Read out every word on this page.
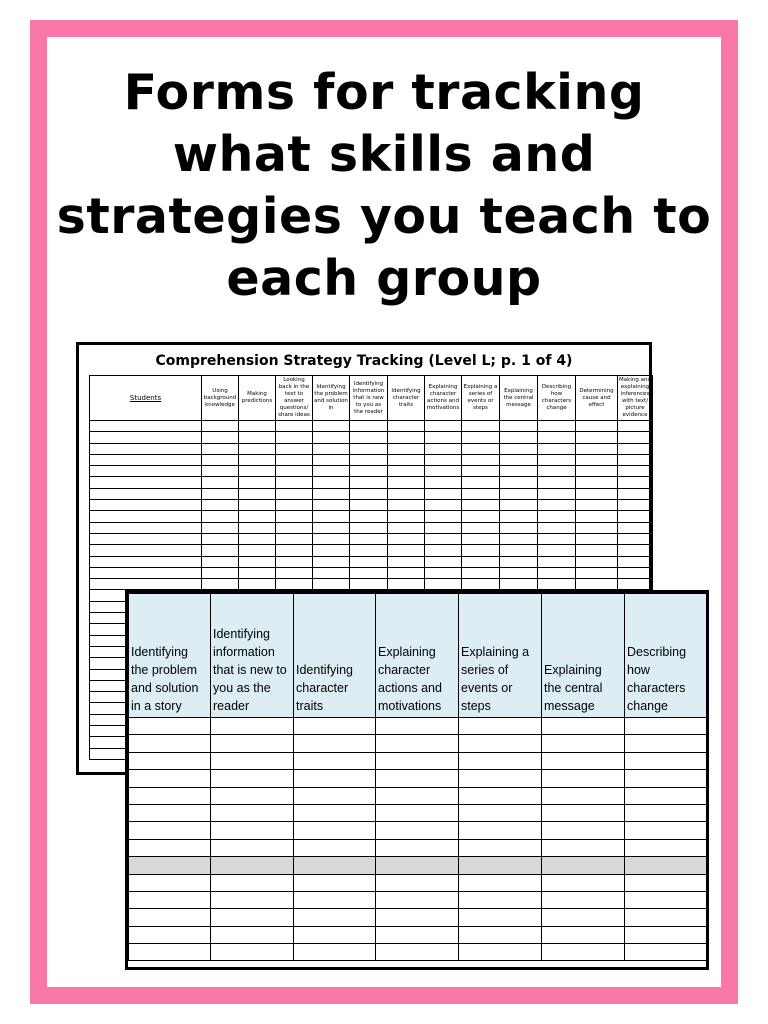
Forms for tracking
what skills and
strategies you teach to
each group
Comprehension Strategy Tracking (Level L; p. 1 of 4)
Students	Using background knowledge	Making predictions	Looking back in the text to answer questions/ share ideas	Identifying the problem and solution in	Identifying information that is new to you as the reader	Identifying character traits	Explaining character actions and motivations	Explaining a series of events or steps	Explaining the central message	Describing how characters change	Determining cause and effect	Making and explaining inferences with text/ picture evidence

Identifying the problem and solution in a story	Identifying information that is new to you as the reader	Identifying character traits	Explaining character actions and motivations	Explaining a series of events or steps	Explaining the central message	Describing how characters change
